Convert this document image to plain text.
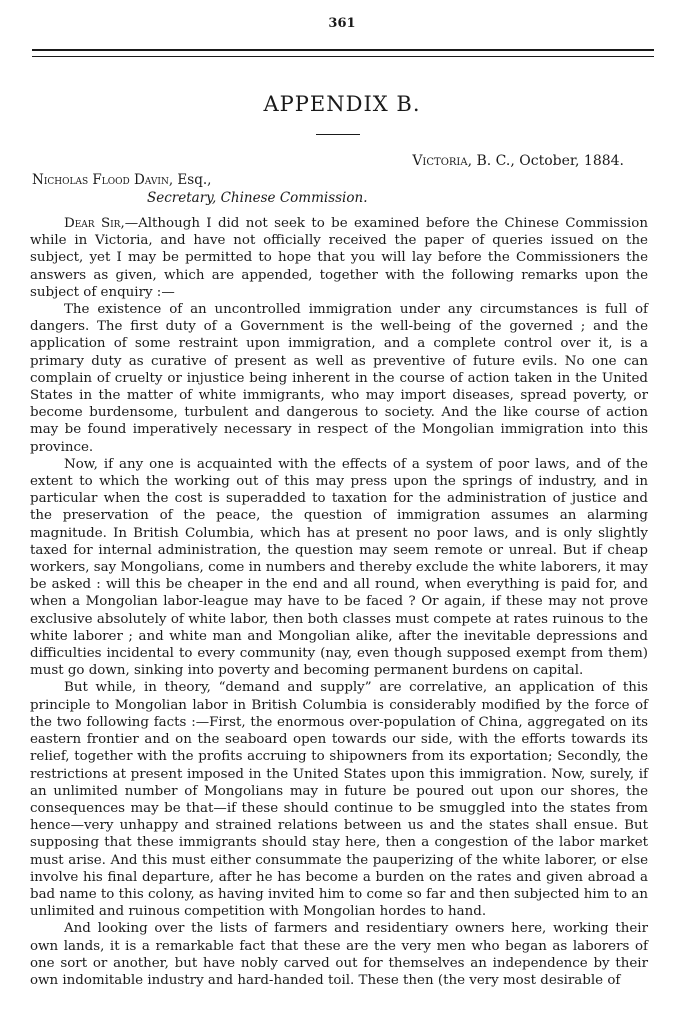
361
APPENDIX B.
Victoria, B. C., October, 1884.
Nicholas Flood Davin, Esq.,
Secretary, Chinese Commission.

Dear Sir,—Although I did not seek to be examined before the Chinese Commission while in Victoria, and have not officially received the paper of queries issued on the subject, yet I may be permitted to hope that you will lay before the Commissioners the answers as given, which are appended, together with the following remarks upon the subject of enquiry :—

The existence of an uncontrolled immigration under any circumstances is full of dangers. The first duty of a Government is the well-being of the governed ; and the application of some restraint upon immigration, and a complete control over it, is a primary duty as curative of present as well as preventive of future evils. No one can complain of cruelty or injustice being inherent in the course of action taken in the United States in the matter of white immigrants, who may import diseases, spread poverty, or become burdensome, turbulent and dangerous to society. And the like course of action may be found imperatively necessary in respect of the Mongolian immigration into this province.

Now, if any one is acquainted with the effects of a system of poor laws, and of the extent to which the working out of this may press upon the springs of industry, and in particular when the cost is superadded to taxation for the administration of justice and the preservation of the peace, the question of immigration assumes an alarming magnitude. In British Columbia, which has at present no poor laws, and is only slightly taxed for internal administration, the question may seem remote or unreal. But if cheap workers, say Mongolians, come in numbers and thereby exclude the white laborers, it may be asked : will this be cheaper in the end and all round, when everything is paid for, and when a Mongolian labor-league may have to be faced ? Or again, if these may not prove exclusive absolutely of white labor, then both classes must compete at rates ruinous to the white laborer ; and white man and Mongolian alike, after the inevitable depressions and difficulties incidental to every community (nay, even though supposed exempt from them) must go down, sinking into poverty and becoming permanent burdens on capital.

But while, in theory, “demand and supply” are correlative, an application of this principle to Mongolian labor in British Columbia is considerably modified by the force of the two following facts :—First, the enormous over-population of China, aggregated on its eastern frontier and on the seaboard open towards our side, with the efforts towards its relief, together with the profits accruing to shipowners from its exportation; Secondly, the restrictions at present imposed in the United States upon this immigration. Now, surely, if an unlimited number of Mongolians may in future be poured out upon our shores, the consequences may be that—if these should continue to be smuggled into the states from hence—very unhappy and strained relations between us and the states shall ensue. But supposing that these immigrants should stay here, then a congestion of the labor market must arise. And this must either consummate the pauperizing of the white laborer, or else involve his final departure, after he has become a burden on the rates and given abroad a bad name to this colony, as having invited him to come so far and then subjected him to an unlimited and ruinous competition with Mongolian hordes to hand.

And looking over the lists of farmers and residentiary owners here, working their own lands, it is a remarkable fact that these are the very men who began as laborers of one sort or another, but have nobly carved out for themselves an independence by their own indomitable industry and hard-handed toil. These then (the very most desirable of
